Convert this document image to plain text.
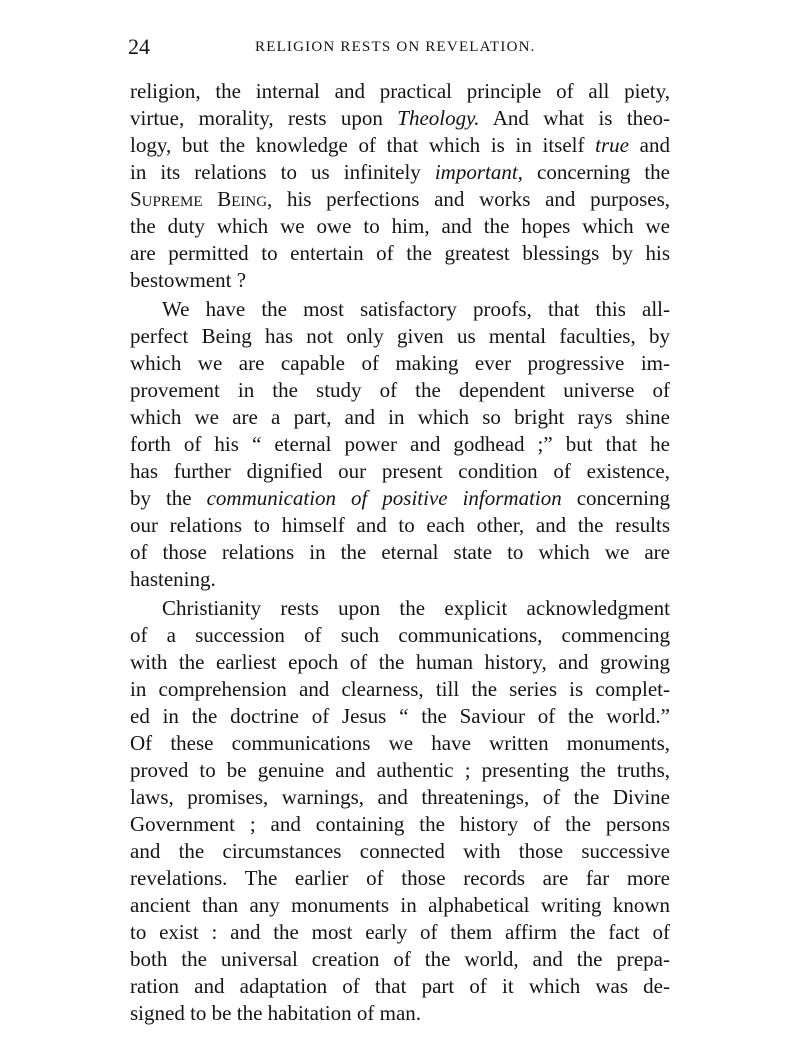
24	RELIGION RESTS ON REVELATION.
religion, the internal and practical principle of all piety,
virtue, morality, rests upon Theology. And what is theo-
logy, but the knowledge of that which is in itself true and
in its relations to us infinitely important, concerning the
Supreme Being, his perfections and works and purposes,
the duty which we owe to him, and the hopes which we
are permitted to entertain of the greatest blessings by his
bestowment ?
We have the most satisfactory proofs, that this all-
perfect Being has not only given us mental faculties, by
which we are capable of making ever progressive im-
provement in the study of the dependent universe of
which we are a part, and in which so bright rays shine
forth of his “ eternal power and godhead ;” but that he
has further dignified our present condition of existence,
by the communication of positive information concerning
our relations to himself and to each other, and the results
of those relations in the eternal state to which we are
hastening.
Christianity rests upon the explicit acknowledgment
of a succession of such communications, commencing
with the earliest epoch of the human history, and growing
in comprehension and clearness, till the series is complet-
ed in the doctrine of Jesus “ the Saviour of the world.”
Of these communications we have written monuments,
proved to be genuine and authentic ; presenting the truths,
laws, promises, warnings, and threatenings, of the Divine
Government ; and containing the history of the persons
and the circumstances connected with those successive
revelations. The earlier of those records are far more
ancient than any monuments in alphabetical writing known
to exist : and the most early of them affirm the fact of
both the universal creation of the world, and the prepa-
ration and adaptation of that part of it which was de-
signed to be the habitation of man.
